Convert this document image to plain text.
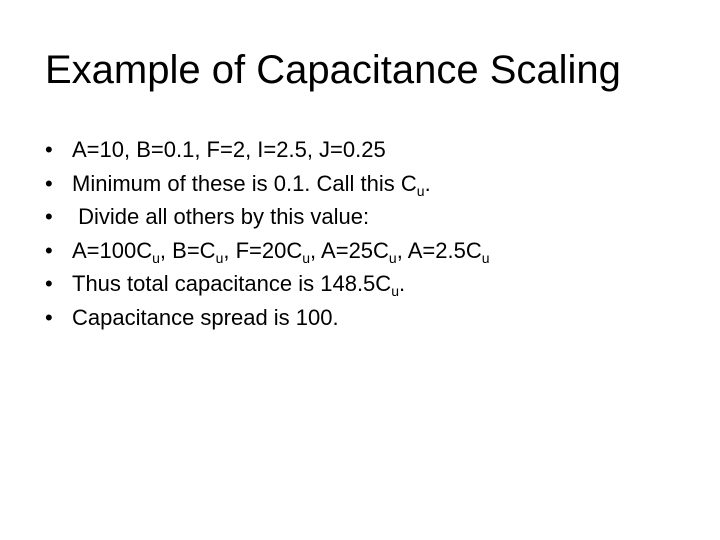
Example of Capacitance Scaling
• A=10, B=0.1, F=2, I=2.5, J=0.25
• Minimum of these is 0.1. Call this $C_u$.
• Divide all others by this value:
• $A=100C_u$, $B=C_u$, $F=20C_u$, $A=25C_u$, $A=2.5C_u$
• Thus total capacitance is $148.5C_u$.
• Capacitance spread is 100.
